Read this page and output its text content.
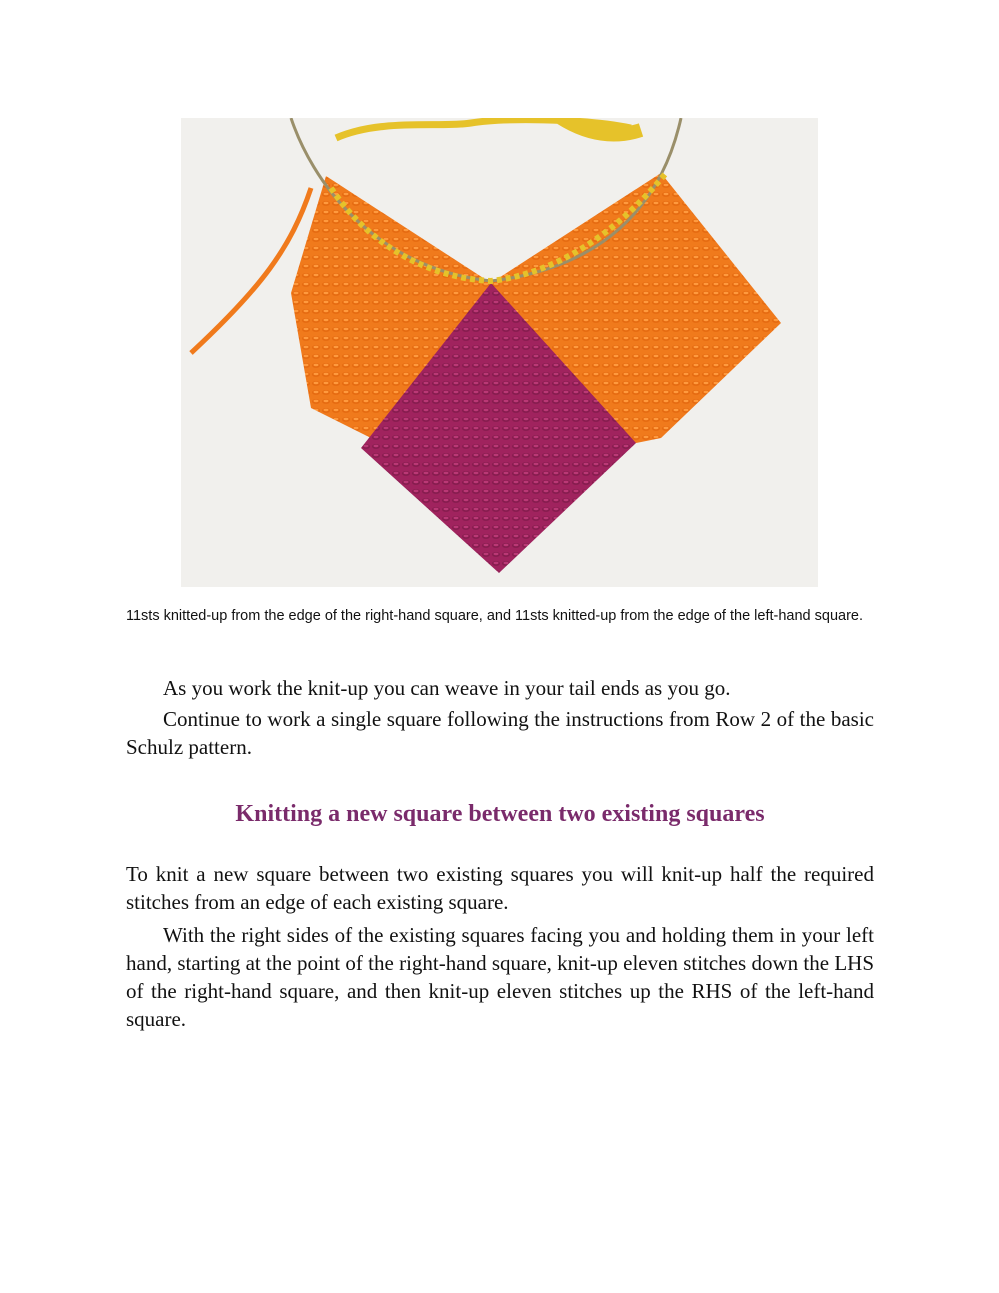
11sts knitted-up from the edge of the right-hand square, and 11sts knitted-up from the edge of the left-hand square.

As you work the knit-up you can weave in your tail ends as you go.

Continue to work a single square following the instructions from Row 2 of the basic Schulz pattern.

Knitting a new square between two existing squares

To knit a new square between two existing squares you will knit-up half the required stitches from an edge of each existing square.

With the right sides of the existing squares facing you and holding them in your left hand, starting at the point of the right-hand square, knit-up eleven stitches down the LHS of the right-hand square, and then knit-up eleven stitches up the RHS of the left-hand square.
